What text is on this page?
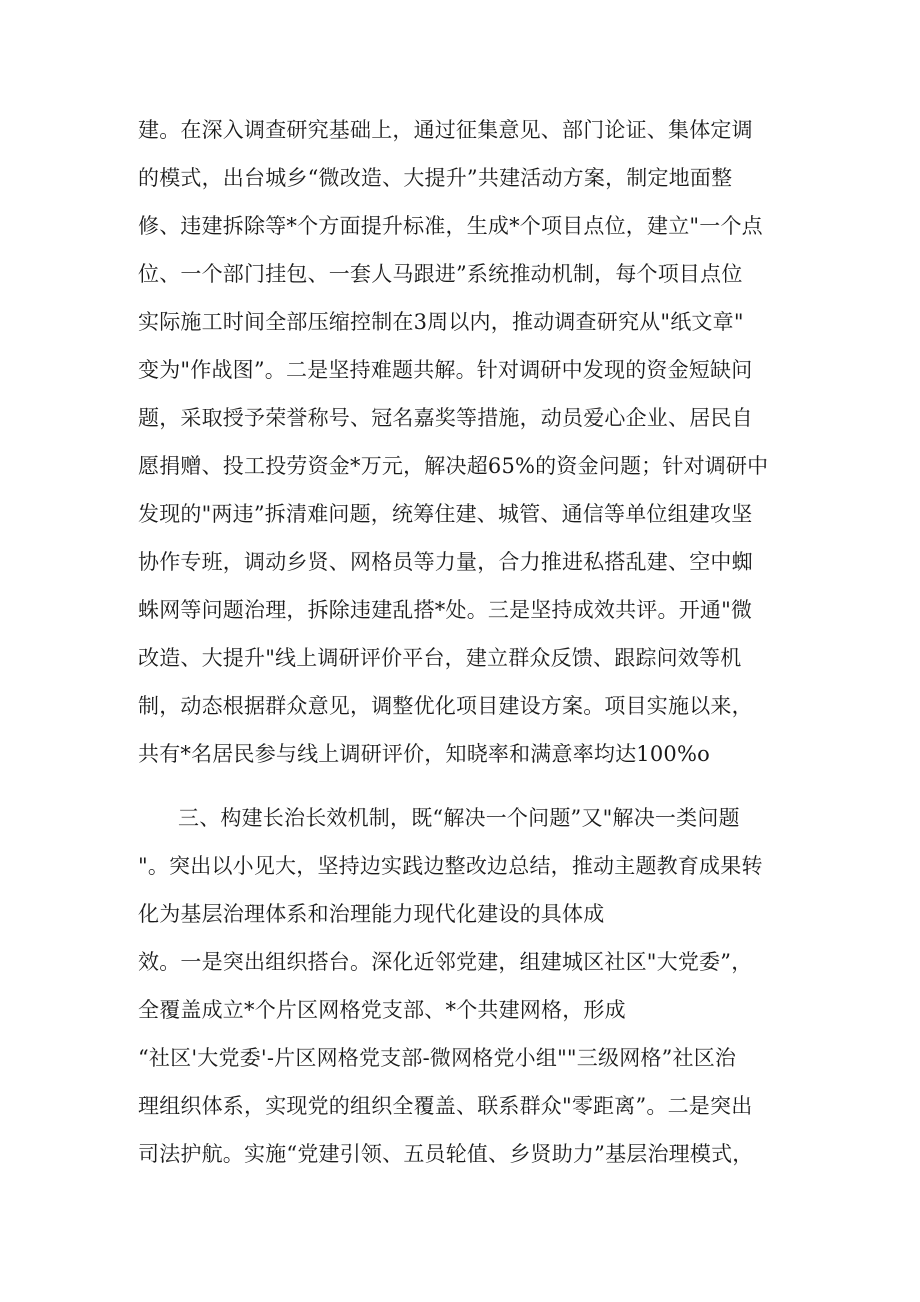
建。在深入调查研究基础上，通过征集意见、部门论证、集体定调
的模式，出台城乡“微改造、大提升”共建活动方案，制定地面整
修、违建拆除等*个方面提升标准，生成*个项目点位，建立"一个点
位、一个部门挂包、一套人马跟进”系统推动机制，每个项目点位
实际施工时间全部压缩控制在3周以内，推动调查研究从"纸文章"
变为"作战图”。二是坚持难题共解。针对调研中发现的资金短缺问
题，采取授予荣誉称号、冠名嘉奖等措施，动员爱心企业、居民自
愿捐赠、投工投劳资金*万元，解决超65%的资金问题；针对调研中
发现的"两违”拆清难问题，统筹住建、城管、通信等单位组建攻坚
协作专班，调动乡贤、网格员等力量，合力推进私搭乱建、空中蜘
蛛网等问题治理，拆除违建乱搭*处。三是坚持成效共评。开通"微
改造、大提升"线上调研评价平台，建立群众反馈、跟踪问效等机
制，动态根据群众意见，调整优化项目建设方案。项目实施以来，
共有*名居民参与线上调研评价，知晓率和满意率均达100%o
三、构建长治长效机制，既“解决一个问题”又"解决一类问题
"。突出以小见大，坚持边实践边整改边总结，推动主题教育成果转
化为基层治理体系和治理能力现代化建设的具体成
效。一是突出组织搭台。深化近邻党建，组建城区社区"大党委”，
全覆盖成立*个片区网格党支部、*个共建网格，形成
“社区'大党委'-片区网格党支部-微网格党小组""三级网格”社区治
理组织体系，实现党的组织全覆盖、联系群众"零距离”。二是突出
司法护航。实施“党建引领、五员轮值、乡贤助力”基层治理模式，
